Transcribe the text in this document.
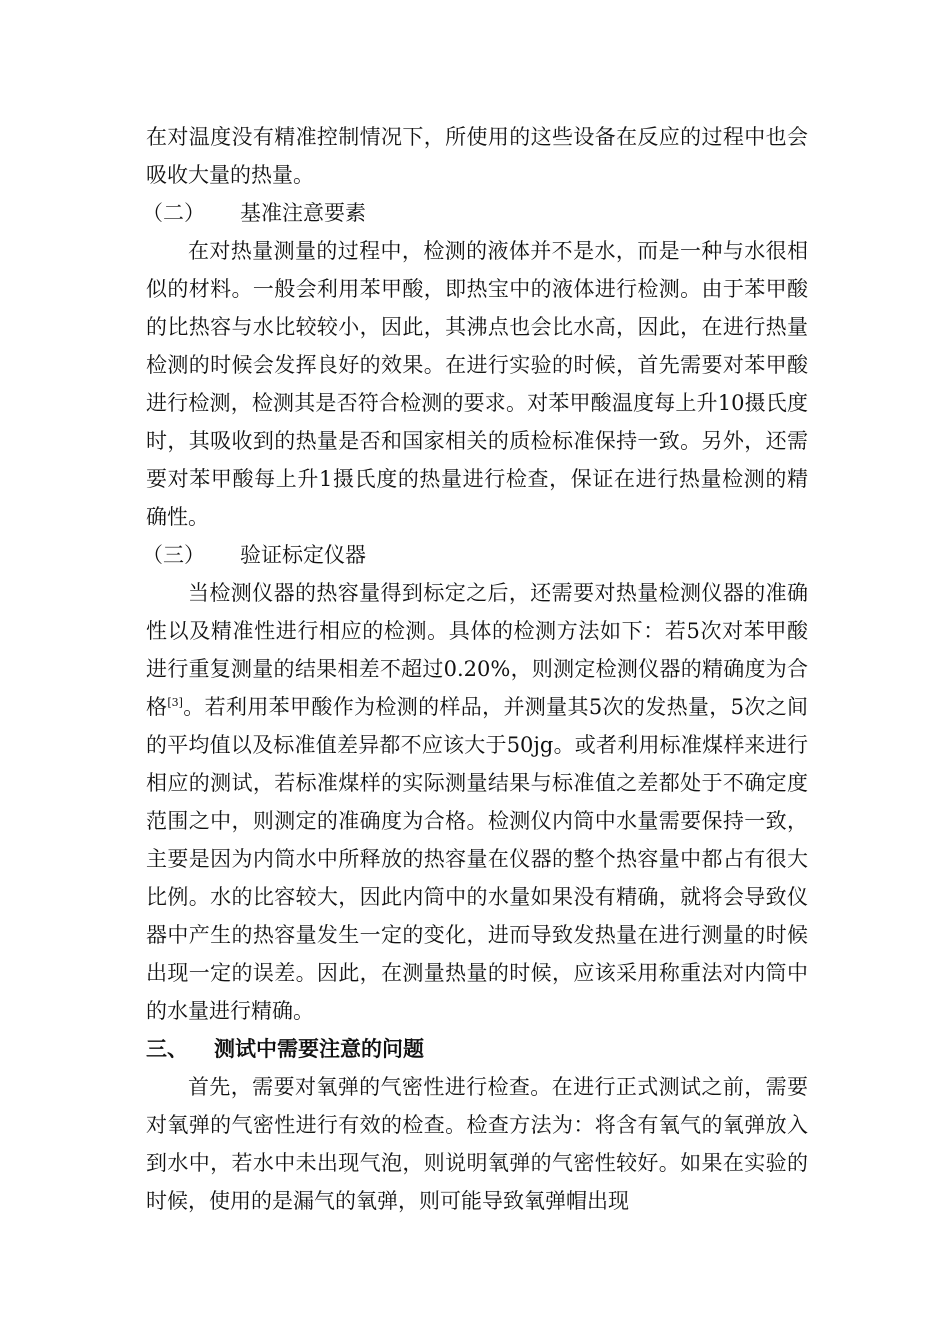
在对温度没有精准控制情况下，所使用的这些设备在反应的过程中也会吸收大量的热量。

（二） 基准注意要素

在对热量测量的过程中，检测的液体并不是水，而是一种与水很相似的材料。一般会利用苯甲酸，即热宝中的液体进行检测。由于苯甲酸的比热容与水比较较小，因此，其沸点也会比水高，因此，在进行热量检测的时候会发挥良好的效果。在进行实验的时候，首先需要对苯甲酸进行检测，检测其是否符合检测的要求。对苯甲酸温度每上升10摄氏度时，其吸收到的热量是否和国家相关的质检标准保持一致。另外，还需要对苯甲酸每上升1摄氏度的热量进行检查，保证在进行热量检测的精确性。

（三） 验证标定仪器

当检测仪器的热容量得到标定之后，还需要对热量检测仪器的准确性以及精准性进行相应的检测。具体的检测方法如下：若5次对苯甲酸进行重复测量的结果相差不超过0.20%，则测定检测仪器的精确度为合格[3]。若利用苯甲酸作为检测的样品，并测量其5次的发热量，5次之间的平均值以及标准值差异都不应该大于50jg。或者利用标准煤样来进行相应的测试，若标准煤样的实际测量结果与标准值之差都处于不确定度范围之中，则测定的准确度为合格。检测仪内筒中水量需要保持一致，主要是因为内筒水中所释放的热容量在仪器的整个热容量中都占有很大比例。水的比容较大，因此内筒中的水量如果没有精确，就将会导致仪器中产生的热容量发生一定的变化，进而导致发热量在进行测量的时候出现一定的误差。因此，在测量热量的时候，应该采用称重法对内筒中的水量进行精确。

三、 测试中需要注意的问题

首先，需要对氧弹的气密性进行检查。在进行正式测试之前，需要对氧弹的气密性进行有效的检查。检查方法为：将含有氧气的氧弹放入到水中，若水中未出现气泡，则说明氧弹的气密性较好。如果在实验的时候，使用的是漏气的氧弹，则可能导致氧弹帽出现
